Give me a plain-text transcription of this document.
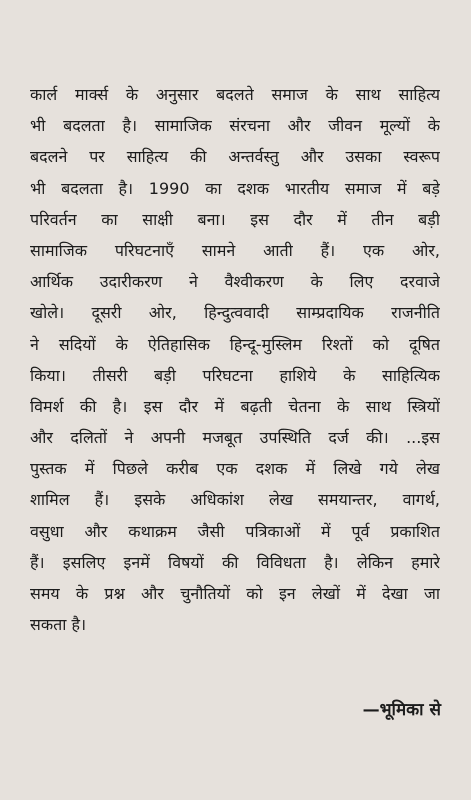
कार्ल मार्क्स के अनुसार बदलते समाज के साथ साहित्य
भी बदलता है। सामाजिक संरचना और जीवन मूल्यों के
बदलने पर साहित्य की अन्तर्वस्तु और उसका स्वरूप
भी बदलता है। 1990 का दशक भारतीय समाज में बड़े
परिवर्तन का साक्षी बना। इस दौर में तीन बड़ी
सामाजिक परिघटनाएँ सामने आती हैं। एक ओर,
आर्थिक उदारीकरण ने वैश्वीकरण के लिए दरवाजे
खोले। दूसरी ओर, हिन्दुत्ववादी साम्प्रदायिक राजनीति
ने सदियों के ऐतिहासिक हिन्दू-मुस्लिम रिश्तों को दूषित
किया। तीसरी बड़ी परिघटना हाशिये के साहित्यिक
विमर्श की है। इस दौर में बढ़ती चेतना के साथ स्त्रियों
और दलितों ने अपनी मजबूत उपस्थिति दर्ज की। ...इस
पुस्तक में पिछले करीब एक दशक में लिखे गये लेख
शामिल हैं। इसके अधिकांश लेख समयान्तर, वागर्थ,
वसुधा और कथाक्रम जैसी पत्रिकाओं में पूर्व प्रकाशित
हैं। इसलिए इनमें विषयों की विविधता है। लेकिन हमारे
समय के प्रश्न और चुनौतियों को इन लेखों में देखा जा
सकता है।
—भूमिका से
